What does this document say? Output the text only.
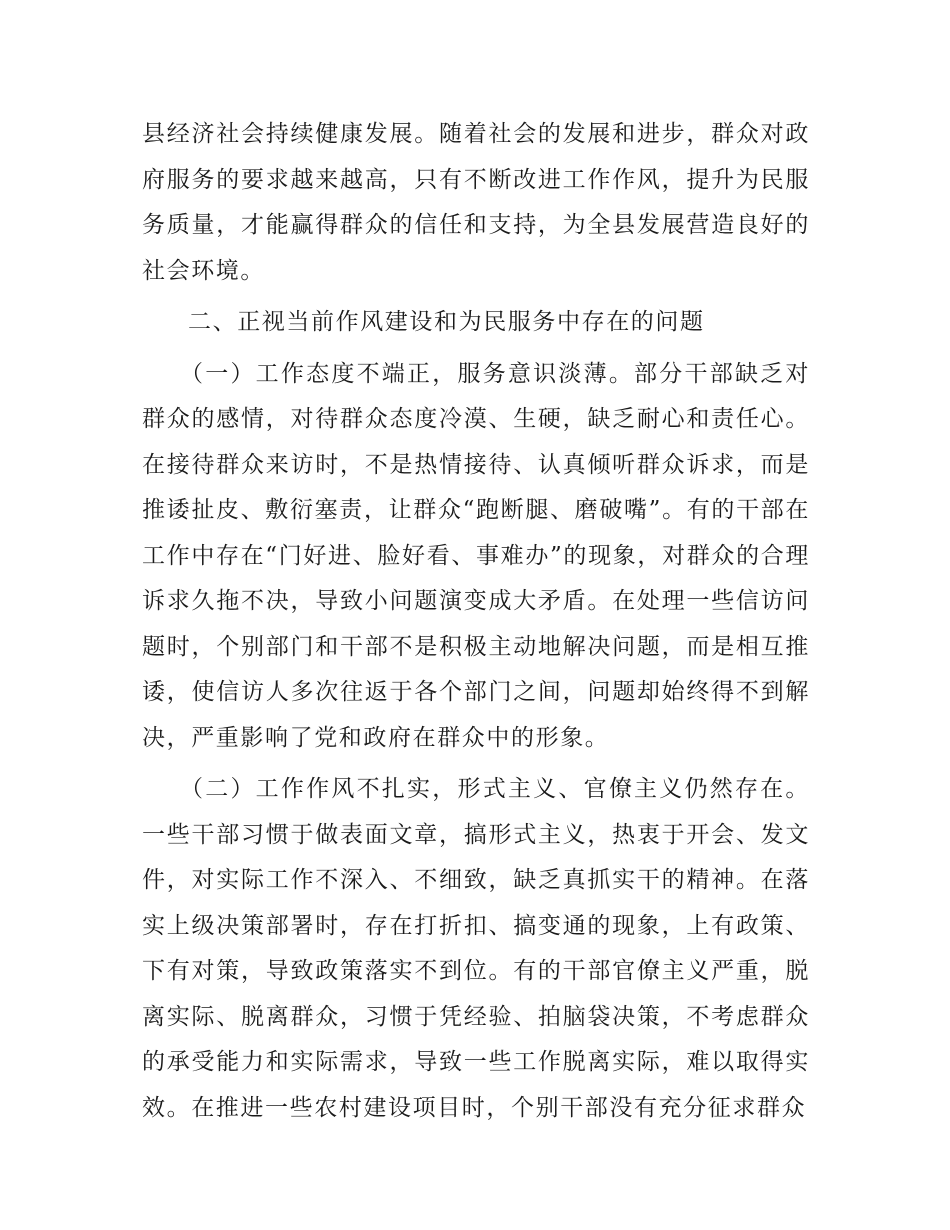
县经济社会持续健康发展。随着社会的发展和进步，群众对政府服务的要求越来越高，只有不断改进工作作风，提升为民服务质量，才能赢得群众的信任和支持，为全县发展营造良好的社会环境。

二、正视当前作风建设和为民服务中存在的问题

（一）工作态度不端正，服务意识淡薄。部分干部缺乏对群众的感情，对待群众态度冷漠、生硬，缺乏耐心和责任心。在接待群众来访时，不是热情接待、认真倾听群众诉求，而是推诿扯皮、敷衍塞责，让群众“跑断腿、磨破嘴”。有的干部在工作中存在“门好进、脸好看、事难办”的现象，对群众的合理诉求久拖不决，导致小问题演变成大矛盾。在处理一些信访问题时，个别部门和干部不是积极主动地解决问题，而是相互推诿，使信访人多次往返于各个部门之间，问题却始终得不到解决，严重影响了党和政府在群众中的形象。

（二）工作作风不扎实，形式主义、官僚主义仍然存在。一些干部习惯于做表面文章，搞形式主义，热衷于开会、发文件，对实际工作不深入、不细致，缺乏真抓实干的精神。在落实上级决策部署时，存在打折扣、搞变通的现象，上有政策、下有对策，导致政策落实不到位。有的干部官僚主义严重，脱离实际、脱离群众，习惯于凭经验、拍脑袋决策，不考虑群众的承受能力和实际需求，导致一些工作脱离实际，难以取得实效。在推进一些农村建设项目时，个别干部没有充分征求群众
